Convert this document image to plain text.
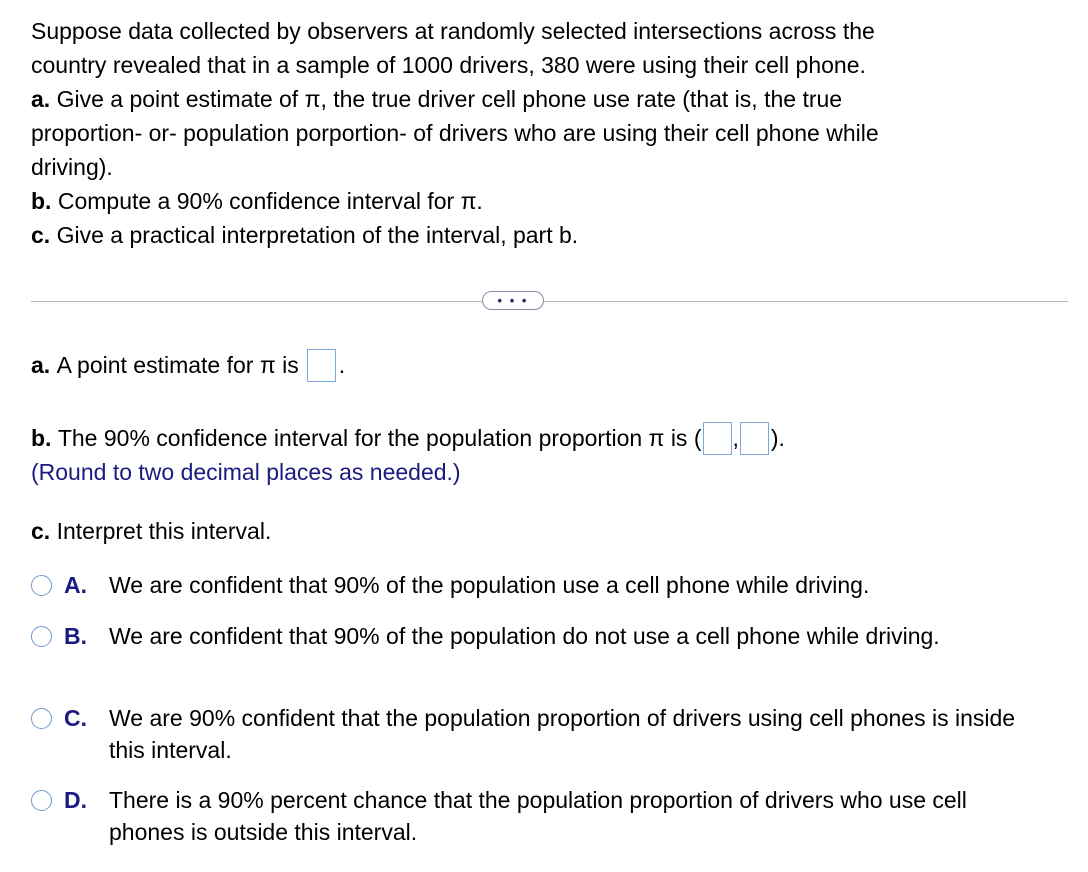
Suppose data collected by observers at randomly selected intersections across the

country revealed that in a sample of 1000 drivers, 380 were using their cell phone.

a. Give a point estimate of π, the true driver cell phone use rate (that is, the true

proportion- or- population porportion- of drivers who are using their cell phone while

driving).

b. Compute a 90% confidence interval for π.

c. Give a practical interpretation of the interval, part b.

• • •
a.
A point estimate for π is .
b.
The 90% confidence interval for the population proportion π is ( , ).
(Round to two decimal places as needed.)
c. Interpret this interval.
A. We are confident that 90% of the population use a cell phone while driving.
B. We are confident that 90% of the population do not use a cell phone while driving.
C. We are 90% confident that the population proportion of drivers using cell phones is inside this interval.
D. There is a 90% percent chance that the population proportion of drivers who use cell phones is outside this interval.
